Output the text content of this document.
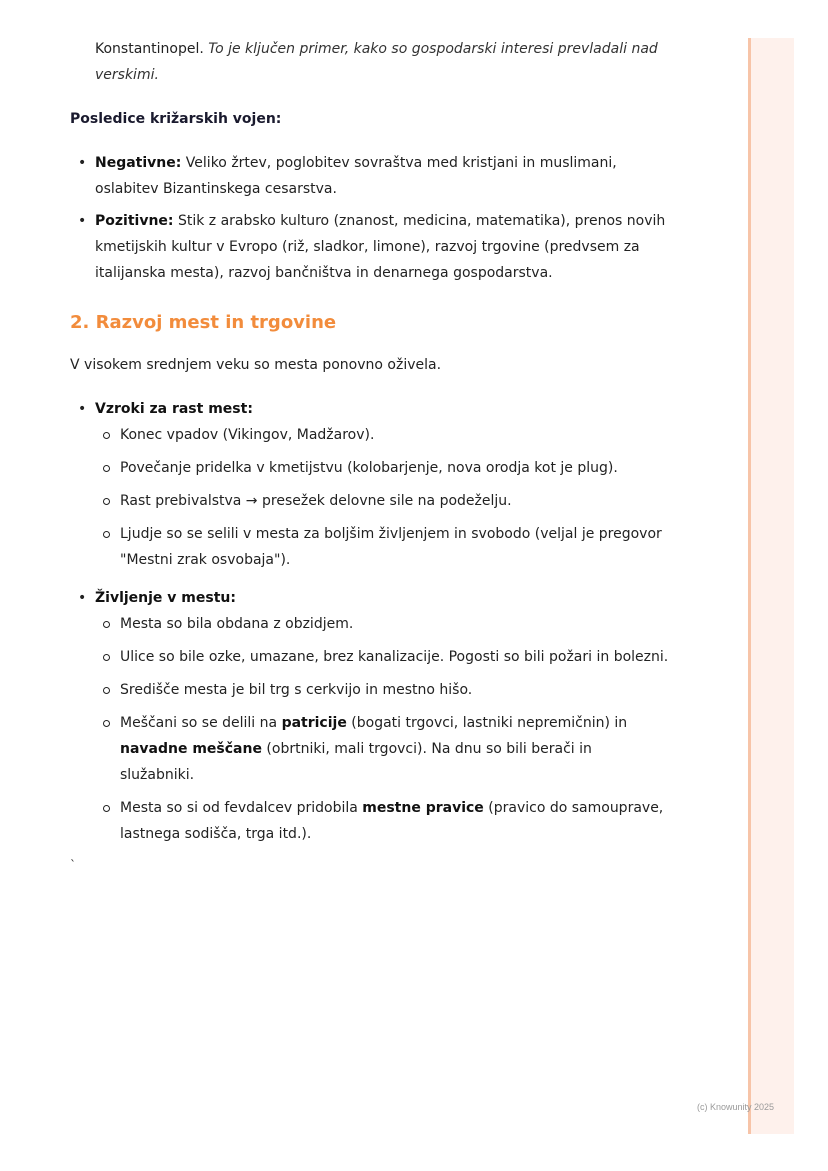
Konstantinopel. To je ključen primer, kako so gospodarski interesi prevladali nad verskimi.

Posledice križarskih vojen:

• Negativne: Veliko žrtev, poglobitev sovraštva med kristjani in muslimani, oslabitev Bizantinskega cesarstva.
• Pozitivne: Stik z arabsko kulturo (znanost, medicina, matematika), prenos novih kmetijskih kultur v Evropo (riž, sladkor, limone), razvoj trgovine (predvsem za italijanska mesta), razvoj bančništva in denarnega gospodarstva.
2. Razvoj mest in trgovine

V visokem srednjem veku so mesta ponovno oživela.

• Vzroki za rast mest:
Konec vpadov (Vikingov, Madžarov).
Povečanje pridelka v kmetijstvu (kolobarjenje, nova orodja kot je plug).
Rast prebivalstva → presežek delovne sile na podeželju.
Ljudje so se selili v mesta za boljšim življenjem in svobodo (veljal je pregovor "Mestni zrak osvobaja").
• Življenje v mestu:
Mesta so bila obdana z obzidjem.
Ulice so bile ozke, umazane, brez kanalizacije. Pogosti so bili požari in bolezni.
Središče mesta je bil trg s cerkvijo in mestno hišo.
Meščani so se delili na patricije (bogati trgovci, lastniki nepremičnin) in navadne meščane (obrtniki, mali trgovci). Na dnu so bili berači in služabniki.
Mesta so si od fevdalcev pridobila mestne pravice (pravico do samouprave, lastnega sodišča, trga itd.).
`
(c) Knowunity 2025
